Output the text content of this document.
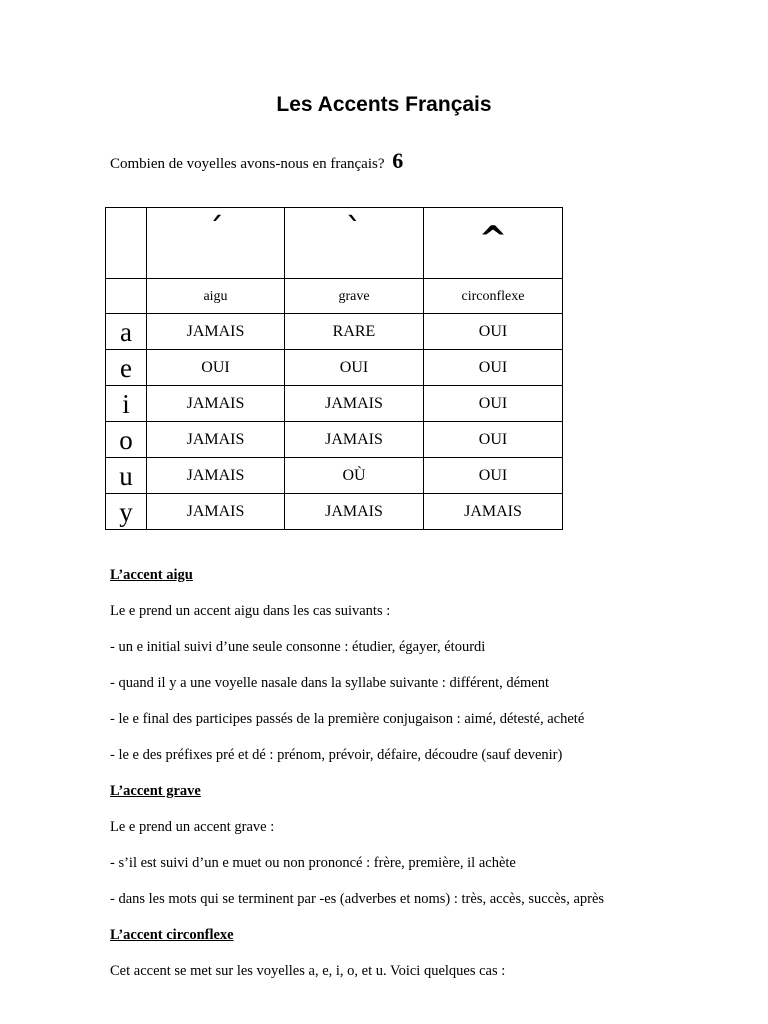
Les Accents Français
Combien de voyelles avons-nous en français? 6
	´	`	^
	aigu	grave	circonflexe
a	JAMAIS	RARE	OUI
e	OUI	OUI	OUI
i	JAMAIS	JAMAIS	OUI
o	JAMAIS	JAMAIS	OUI
u	JAMAIS	OÙ	OUI
y	JAMAIS	JAMAIS	JAMAIS

L’accent aigu

Le e prend un accent aigu dans les cas suivants :

- un e initial suivi d’une seule consonne : étudier, égayer, étourdi

- quand il y a une voyelle nasale dans la syllabe suivante : différent, dément

- le e final des participes passés de la première conjugaison : aimé, détesté, acheté

- le e des préfixes pré et dé : prénom, prévoir, défaire, découdre (sauf devenir)

L’accent grave

Le e prend un accent grave :

- s’il est suivi d’un e muet ou non prononcé : frère, première, il achète

- dans les mots qui se terminent par -es (adverbes et noms) : très, accès, succès, après

L’accent circonflexe

Cet accent se met sur les voyelles a, e, i, o, et u. Voici quelques cas :
